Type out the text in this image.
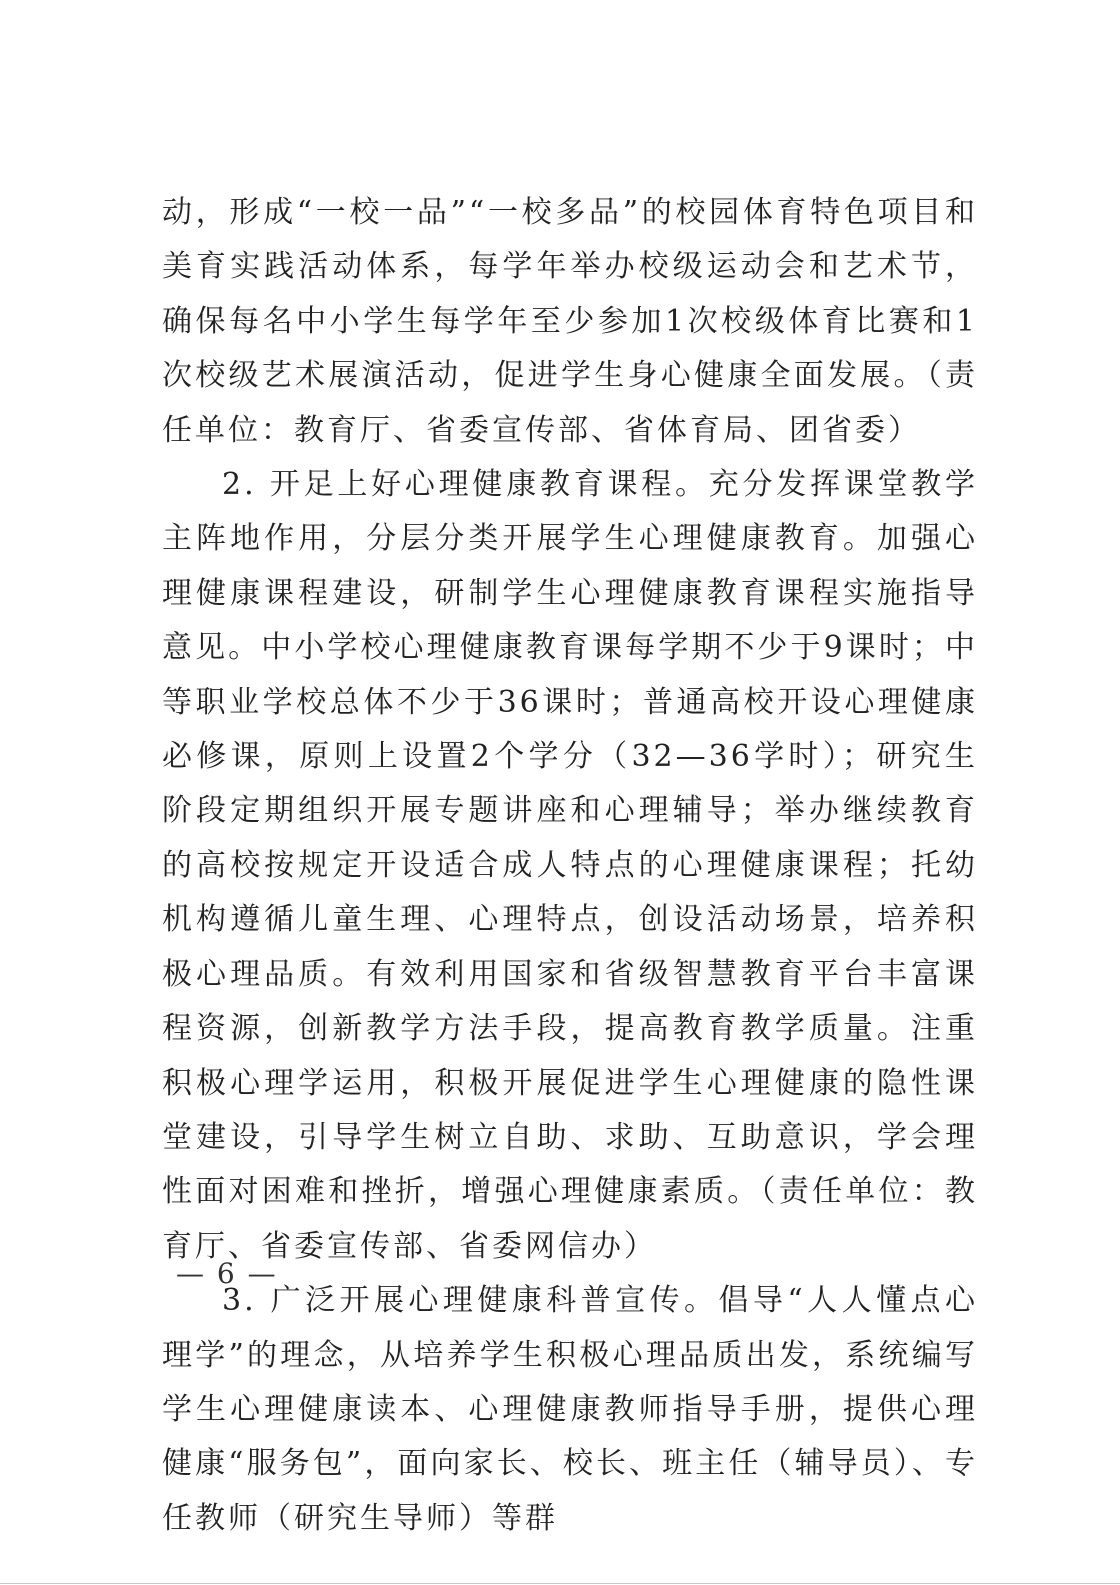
动，形成“一校一品”“一校多品”的校园体育特色项目和美育实践活动体系，每学年举办校级运动会和艺术节，确保每名中小学生每学年至少参加1次校级体育比赛和1次校级艺术展演活动，促进学生身心健康全面发展。（责任单位：教育厅、省委宣传部、省体育局、团省委）

2. 开足上好心理健康教育课程。充分发挥课堂教学主阵地作用，分层分类开展学生心理健康教育。加强心理健康课程建设，研制学生心理健康教育课程实施指导意见。中小学校心理健康教育课每学期不少于9课时；中等职业学校总体不少于36课时；普通高校开设心理健康必修课，原则上设置2个学分（32—36学时）；研究生阶段定期组织开展专题讲座和心理辅导；举办继续教育的高校按规定开设适合成人特点的心理健康课程；托幼机构遵循儿童生理、心理特点，创设活动场景，培养积极心理品质。有效利用国家和省级智慧教育平台丰富课程资源，创新教学方法手段，提高教育教学质量。注重积极心理学运用，积极开展促进学生心理健康的隐性课堂建设，引导学生树立自助、求助、互助意识，学会理性面对困难和挫折，增强心理健康素质。（责任单位：教育厅、省委宣传部、省委网信办）

3. 广泛开展心理健康科普宣传。倡导“人人懂点心理学”的理念，从培养学生积极心理品质出发，系统编写学生心理健康读本、心理健康教师指导手册，提供心理健康“服务包”，面向家长、校长、班主任（辅导员）、专任教师（研究生导师）等群

— 6 —
